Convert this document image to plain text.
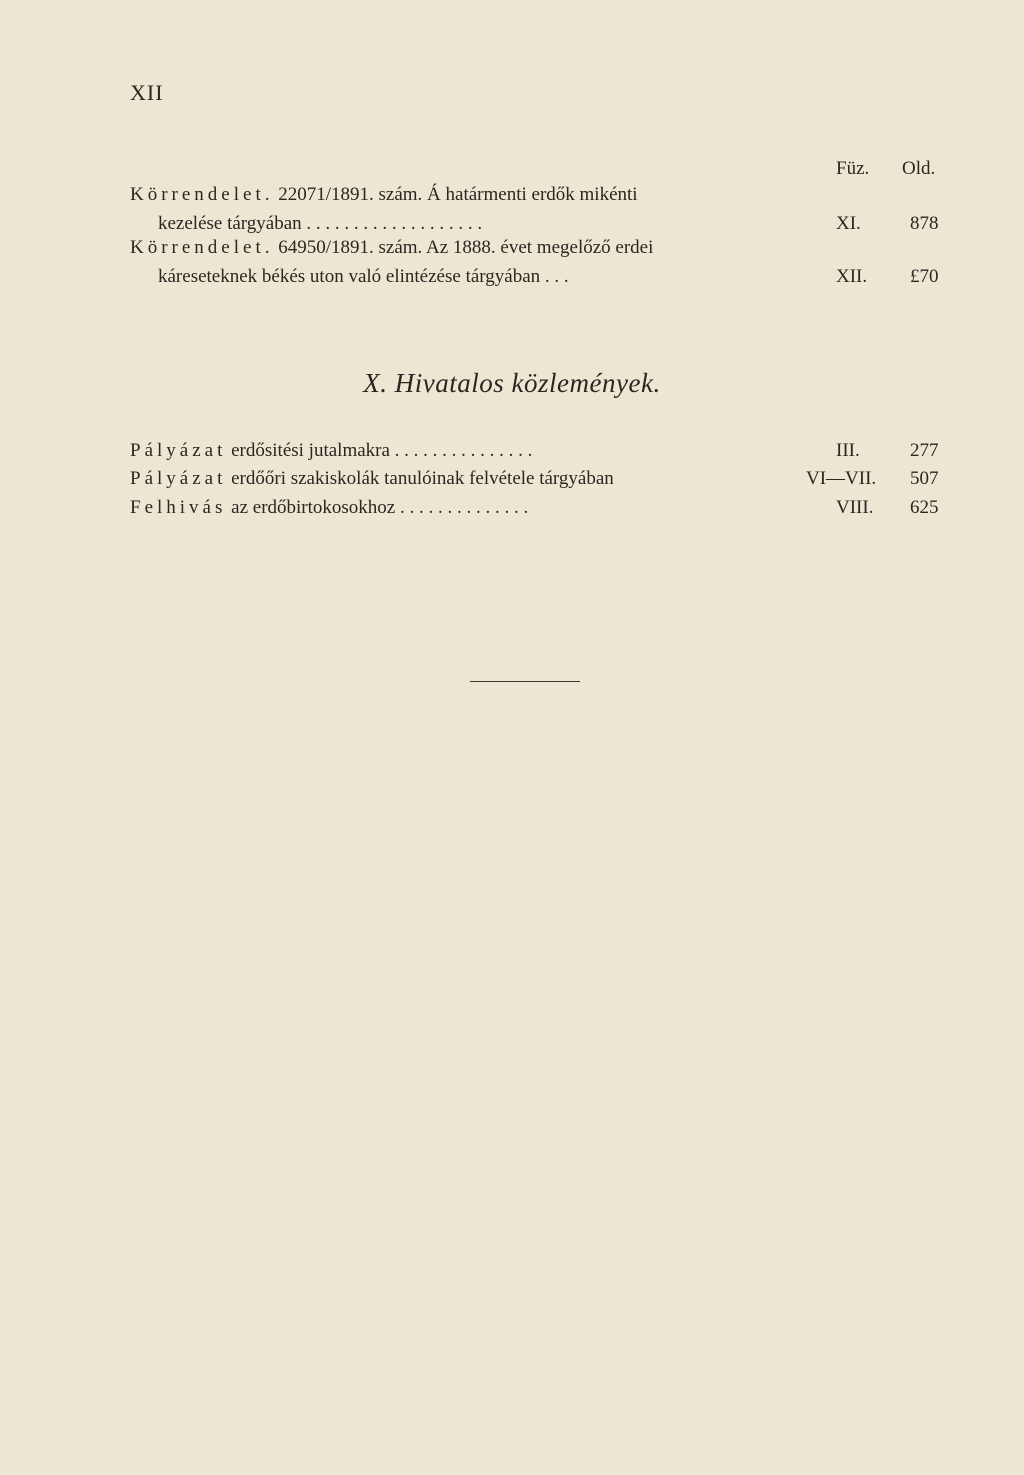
XII
Füz. Old.
Körrendelet. 22071/1891. szám. Á határmenti erdők mikénti
kezelése tárgyában . . . . . . . . . . . . . . . . . . .	XI.	878
Körrendelet. 64950/1891. szám. Az 1888. évet megelőző erdei
káreseteknek békés uton való elintézése tárgyában . . .	XII. £70
X. Hivatalos közlemények.
Pályázat erdősitési jutalmakra . . . . . . . . . . . . . . .	III.	277
Pályázat erdőőri szakiskolák tanulóinak felvétele tárgyában	VI—VII. 507
Felhivás az erdőbirtokosokhoz . . . . . . . . . . . . . .	VIII. 625
